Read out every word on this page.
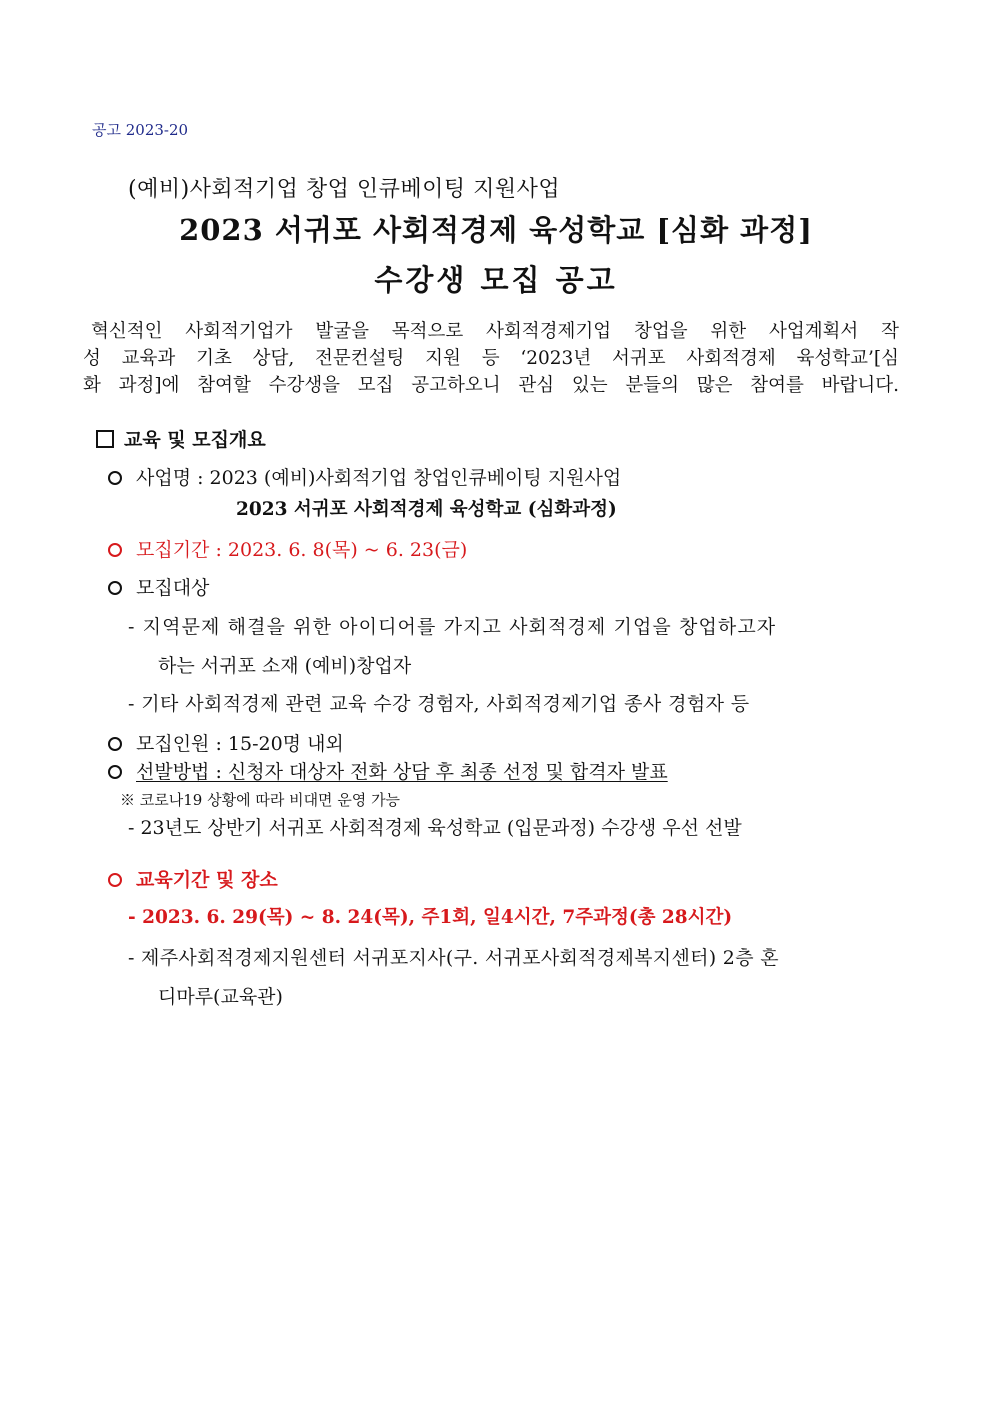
공고 2023-20
(예비)사회적기업 창업 인큐베이팅 지원사업
2023 서귀포 사회적경제 육성학교 [심화 과정]
수강생 모집 공고
혁신적인 사회적기업가 발굴을 목적으로 사회적경제기업 창업을 위한 사업계획서 작
성 교육과 기초 상담, 전문컨설팅 지원 등 ‘2023년 서귀포 사회적경제 육성학교’[심
화 과정]에 참여할 수강생을 모집 공고하오니 관심 있는 분들의 많은 참여를 바랍니다.
교육 및 모집개요
사업명 : 2023 (예비)사회적기업 창업인큐베이팅 지원사업
2023 서귀포 사회적경제 육성학교 (심화과정)
모집기간 : 2023. 6. 8(목) ~ 6. 23(금)
모집대상
- 지역문제 해결을 위한 아이디어를 가지고 사회적경제 기업을 창업하고자
하는 서귀포 소재 (예비)창업자
- 기타 사회적경제 관련 교육 수강 경험자, 사회적경제기업 종사 경험자 등
모집인원 : 15-20명 내외
선발방법 : 신청자 대상자 전화 상담 후 최종 선정 및 합격자 발표
※ 코로나19 상황에 따라 비대면 운영 가능
- 23년도 상반기 서귀포 사회적경제 육성학교 (입문과정) 수강생 우선 선발
교육기간 및 장소
- 2023. 6. 29(목) ~ 8. 24(목), 주1회, 일4시간, 7주과정(총 28시간)
- 제주사회적경제지원센터 서귀포지사(구. 서귀포사회적경제복지센터) 2층 혼
디마루(교육관)
